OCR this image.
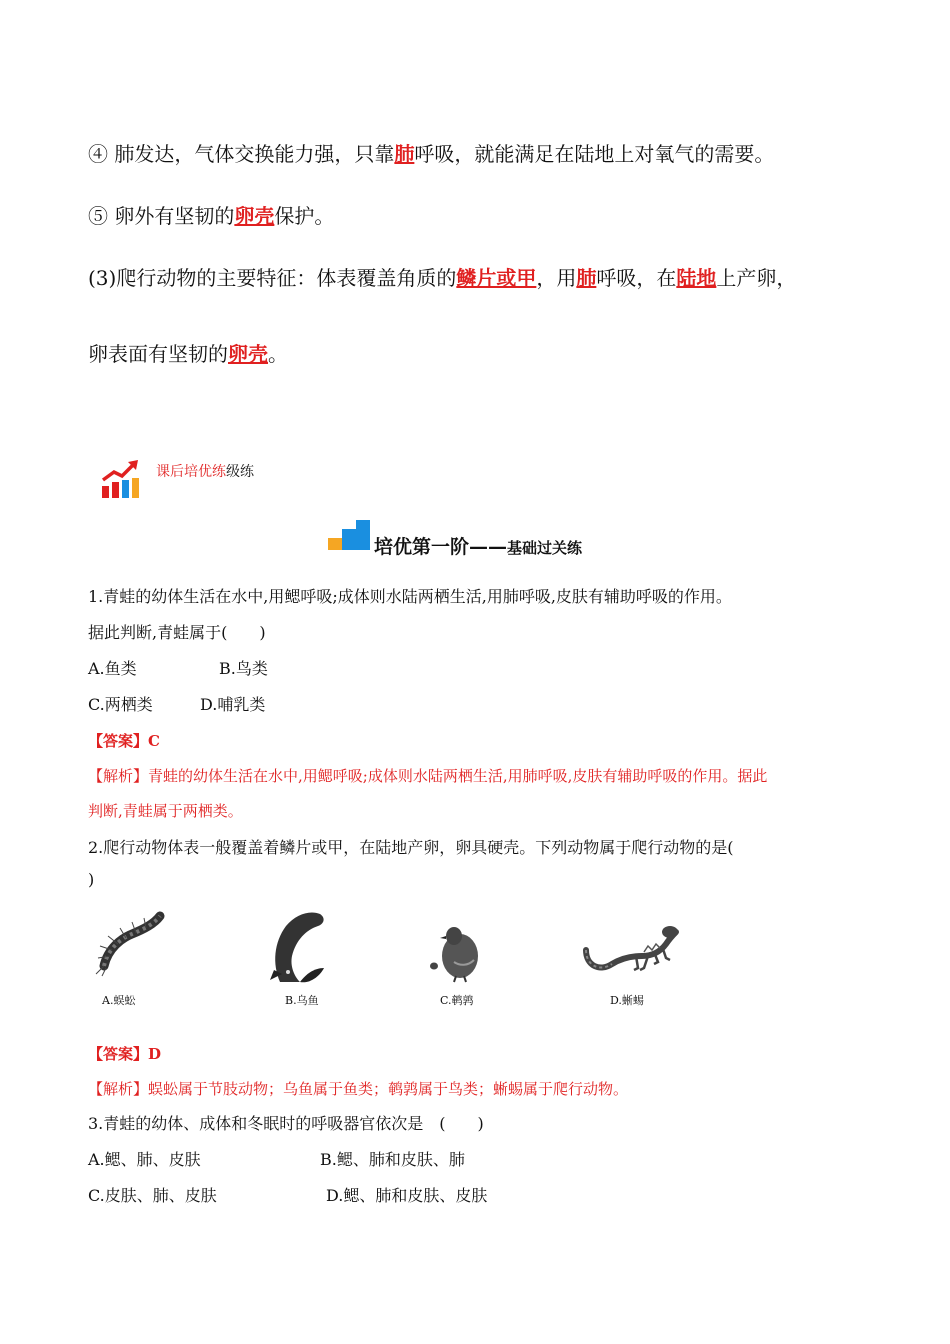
④ 肺发达，气体交换能力强，只靠肺呼吸，就能满足在陆地上对氧气的需要。
⑤ 卵外有坚韧的卵壳保护。
(3)爬行动物的主要特征：体表覆盖角质的鳞片或甲，用肺呼吸，在陆地上产卵，
卵表面有坚韧的卵壳。
课后培优练级练
培优第一阶——基础过关练
1.青蛙的幼体生活在水中,用鳃呼吸;成体则水陆两栖生活,用肺呼吸,皮肤有辅助呼吸的作用。
据此判断,青蛙属于(　　)
A.鱼类	B.鸟类
C.两栖类	D.哺乳类
【答案】C
【解析】青蛙的幼体生活在水中,用鳃呼吸;成体则水陆两栖生活,用肺呼吸,皮肤有辅助呼吸的作用。据此
判断,青蛙属于两栖类。
2.爬行动物体表一般覆盖着鳞片或甲，在陆地产卵，卵具硬壳。下列动物属于爬行动物的是(
)
A.蜈蚣	B.乌鱼	C.鹌鹑	D.蜥蜴
【答案】D
【解析】蜈蚣属于节肢动物；乌鱼属于鱼类；鹌鹑属于鸟类；蜥蜴属于爬行动物。
3.青蛙的幼体、成体和冬眠时的呼吸器官依次是　(　　)
A.鳃、肺、皮肤	B.鳃、肺和皮肤、肺
C.皮肤、肺、皮肤	D.鳃、肺和皮肤、皮肤
